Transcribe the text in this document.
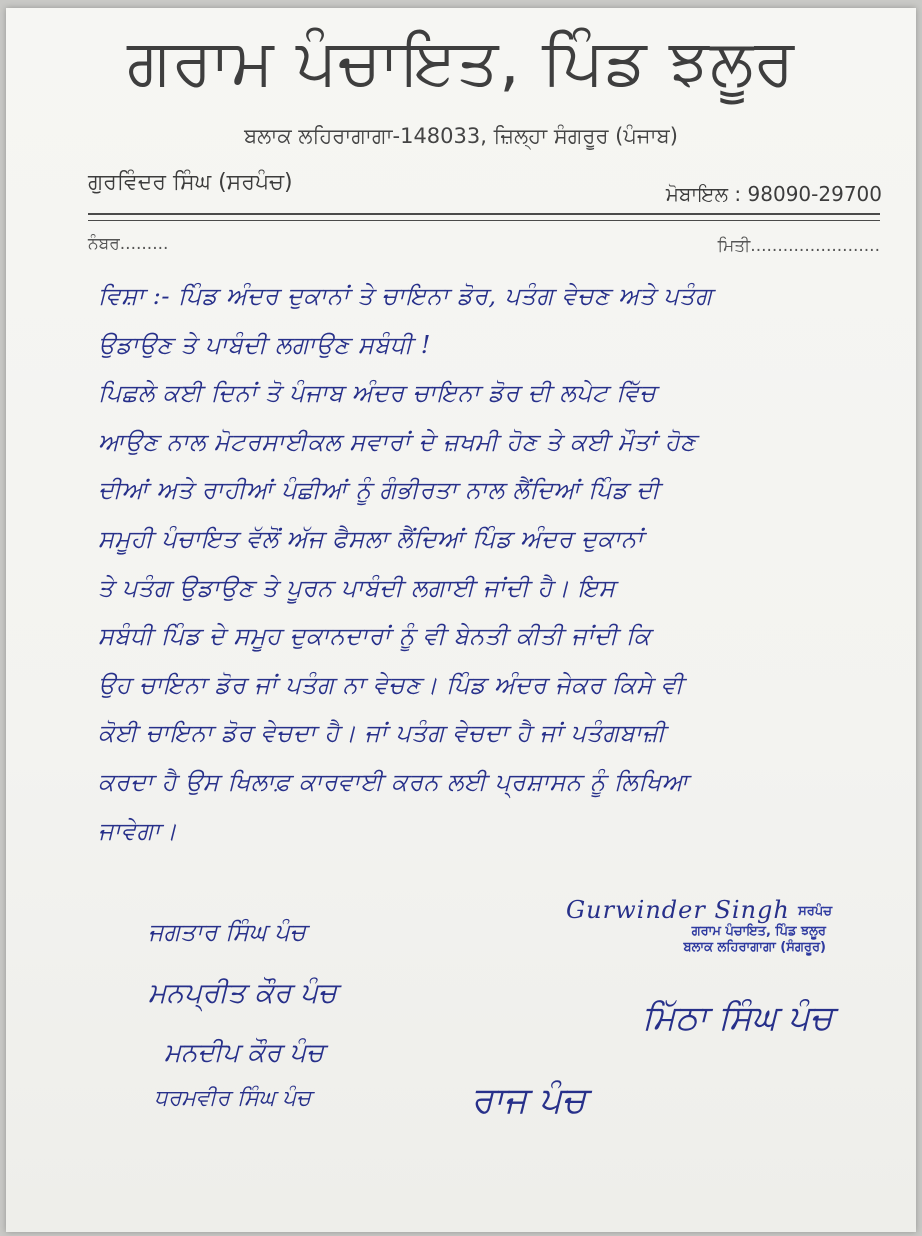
ਗਰਾਮ ਪੰਚਾਇਤ, ਪਿੰਡ ਝਲੂਰ
ਬਲਾਕ ਲਹਿਰਾਗਾਗਾ-148033, ਜ਼ਿਲ੍ਹਾ ਸੰਗਰੂਰ (ਪੰਜਾਬ)
ਗੁਰਵਿੰਦਰ ਸਿੰਘ (ਸਰਪੰਚ)	ਮੋਬਾਇਲ : 98090-29700
ਨੰਬਰ.........	ਮਿਤੀ........................
ਵਿਸ਼ਾ :- ਪਿੰਡ ਅੰਦਰ ਦੁਕਾਨਾਂ ਤੇ ਚਾਇਨਾ ਡੋਰ, ਪਤੰਗ ਵੇਚਣ ਅਤੇ ਪਤੰਗ
ਉਡਾਉਣ ਤੇ ਪਾਬੰਦੀ ਲਗਾਉਣ ਸਬੰਧੀ !
ਪਿਛਲੇ ਕਈ ਦਿਨਾਂ ਤੋ ਪੰਜਾਬ ਅੰਦਰ ਚਾਇਨਾ ਡੋਰ ਦੀ ਲਪੇਟ ਵਿੱਚ
ਆਉਣ ਨਾਲ ਮੋਟਰਸਾਈਕਲ ਸਵਾਰਾਂ ਦੇ ਜ਼ਖਮੀ ਹੋਣ ਤੇ ਕਈ ਮੌਤਾਂ ਹੋਣ
ਦੀਆਂ ਅਤੇ ਰਾਹੀਆਂ ਪੰਛੀਆਂ ਨੂੰ ਗੰਭੀਰਤਾ ਨਾਲ ਲੈਂਦਿਆਂ ਪਿੰਡ ਦੀ
ਸਮੂਹੀ ਪੰਚਾਇਤ ਵੱਲੋਂ ਅੱਜ ਫੈਸਲਾ ਲੈਂਦਿਆਂ ਪਿੰਡ ਅੰਦਰ ਦੁਕਾਨਾਂ
ਤੇ ਪਤੰਗ ਉਡਾਉਣ ਤੇ ਪੂਰਨ ਪਾਬੰਦੀ ਲਗਾਈ ਜਾਂਦੀ ਹੈ। ਇਸ
ਸਬੰਧੀ ਪਿੰਡ ਦੇ ਸਮੂਹ ਦੁਕਾਨਦਾਰਾਂ ਨੂੰ ਵੀ ਬੇਨਤੀ ਕੀਤੀ ਜਾਂਦੀ ਕਿ
ਉਹ ਚਾਇਨਾ ਡੋਰ ਜਾਂ ਪਤੰਗ ਨਾ ਵੇਚਣ। ਪਿੰਡ ਅੰਦਰ ਜੇਕਰ ਕਿਸੇ ਵੀ
ਕੋਈ ਚਾਇਨਾ ਡੋਰ ਵੇਚਦਾ ਹੈ। ਜਾਂ ਪਤੰਗ ਵੇਚਦਾ ਹੈ ਜਾਂ ਪਤੰਗਬਾਜ਼ੀ
ਕਰਦਾ ਹੈ ਉਸ ਖਿਲਾਫ਼ ਕਾਰਵਾਈ ਕਰਨ ਲਈ ਪ੍ਰਸ਼ਾਸਨ ਨੂੰ ਲਿਖਿਆ
ਜਾਵੇਗਾ।
Gurwinder Singh ਸਰਪੰਚ
ਗਰਾਮ ਪੰਚਾਇਤ, ਪਿੰਡ ਝਲੂਰ
ਬਲਾਕ ਲਹਿਰਾਗਾਗਾ (ਸੰਗਰੂਰ)
ਜਗਤਾਰ ਸਿੰਘ ਪੰਚ
ਮਨਪ੍ਰੀਤ ਕੌਰ ਪੰਚ
ਮਨਦੀਪ ਕੌਰ ਪੰਚ
ਧਰਮਵੀਰ ਸਿੰਘ ਪੰਚ	ਰਾਜ ਪੰਚ
ਮਿੱਠਾ ਸਿੰਘ ਪੰਚ
